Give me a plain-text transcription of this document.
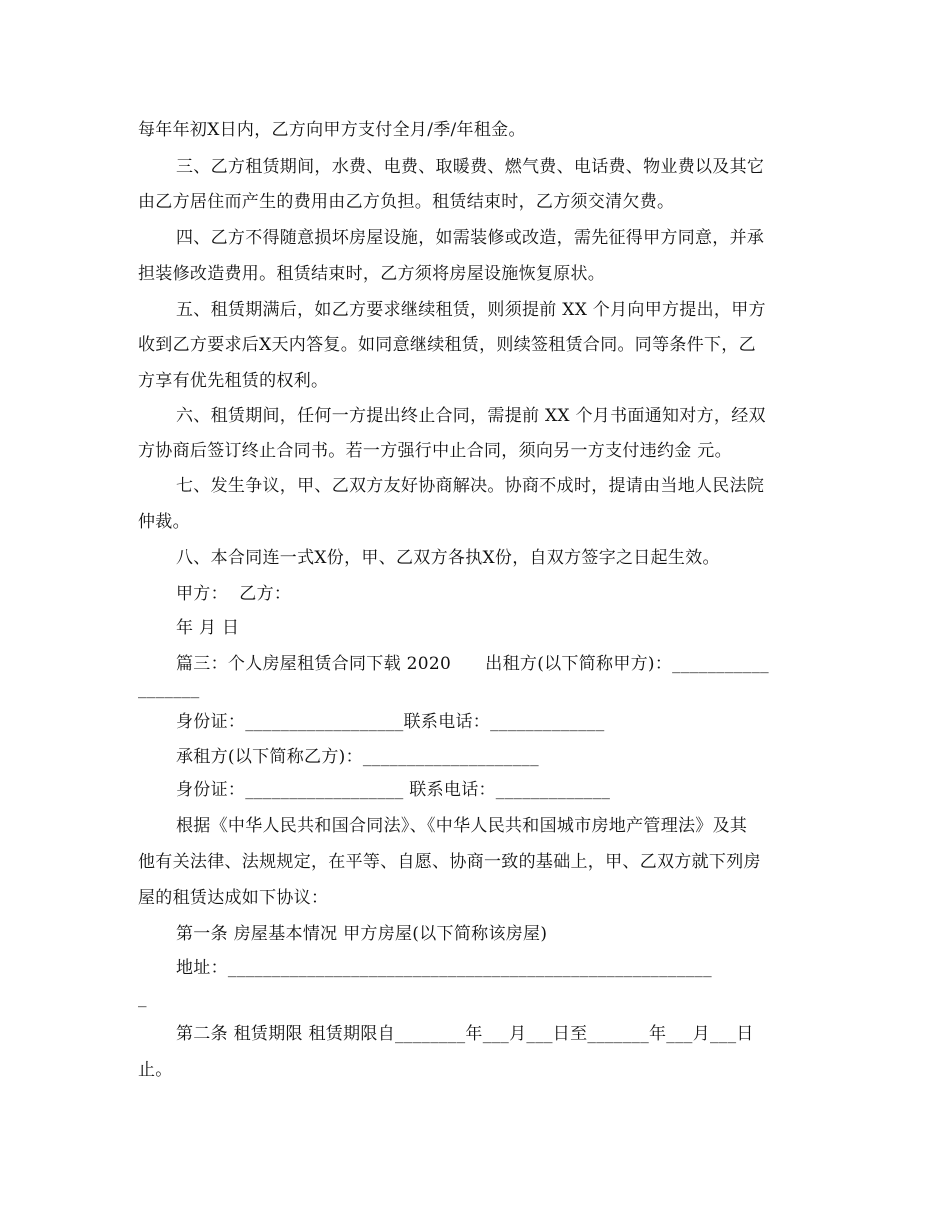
每年年初X日内，乙方向甲方支付全月/季/年租金。
三、乙方租赁期间，水费、电费、取暖费、燃气费、电话费、物业费以及其它
由乙方居住而产生的费用由乙方负担。租赁结束时，乙方须交清欠费。
四、乙方不得随意损坏房屋设施，如需装修或改造，需先征得甲方同意，并承
担装修改造费用。租赁结束时，乙方须将房屋设施恢复原状。
五、租赁期满后，如乙方要求继续租赁，则须提前 XX 个月向甲方提出，甲方
收到乙方要求后X天内答复。如同意继续租赁，则续签租赁合同。同等条件下，乙
方享有优先租赁的权利。
六、租赁期间，任何一方提出终止合同，需提前 XX 个月书面通知对方，经双
方协商后签订终止合同书。若一方强行中止合同，须向另一方支付违约金 元。
七、发生争议，甲、乙双方友好协商解决。协商不成时，提请由当地人民法院
仲裁。
八、本合同连一式X份，甲、乙双方各执X份，自双方签字之日起生效。
甲方：  乙方：
年 月 日
篇三：个人房屋租赁合同下载 2020      出租方(以下简称甲方)：___________
_______
身份证：__________________联系电话：_____________
承租方(以下简称乙方)：____________________
身份证：__________________ 联系电话：_____________
根据《中华人民共和国合同法》、《中华人民共和国城市房地产管理法》及其
他有关法律、法规规定，在平等、自愿、协商一致的基础上，甲、乙双方就下列房
屋的租赁达成如下协议：
第一条 房屋基本情况 甲方房屋(以下简称该房屋)
地址：_______________________________________________________
_
第二条 租赁期限 租赁期限自________年___月___日至_______年___月___日
止。
